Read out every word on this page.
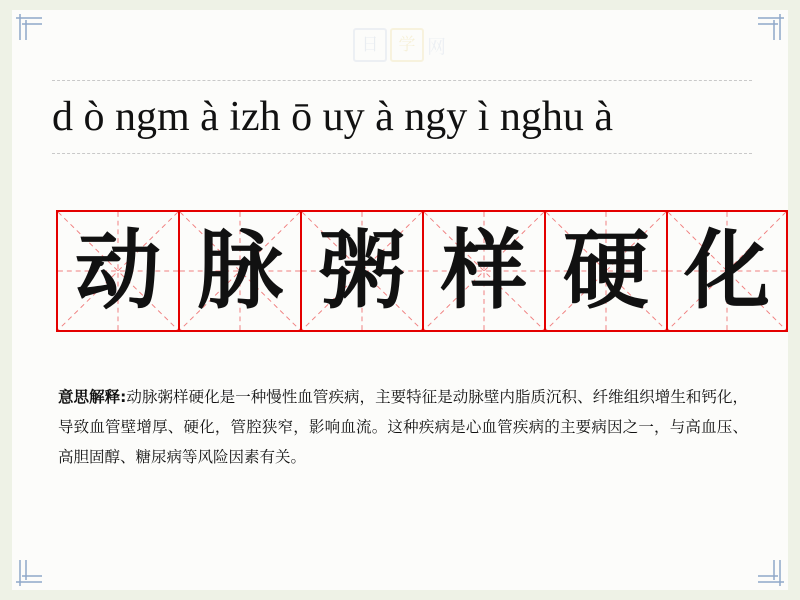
日	学 网
d ò ngm à izh ō uy à ngy ì nghu à
动 脉 粥 样 硬 化
意思解释:动脉粥样硬化是一种慢性血管疾病，主要特征是动脉壁内脂质沉积、纤维组织增生和钙化，导致血管壁增厚、硬化，管腔狭窄，影响血流。这种疾病是心血管疾病的主要病因之一，与高血压、高胆固醇、糖尿病等风险因素有关。
